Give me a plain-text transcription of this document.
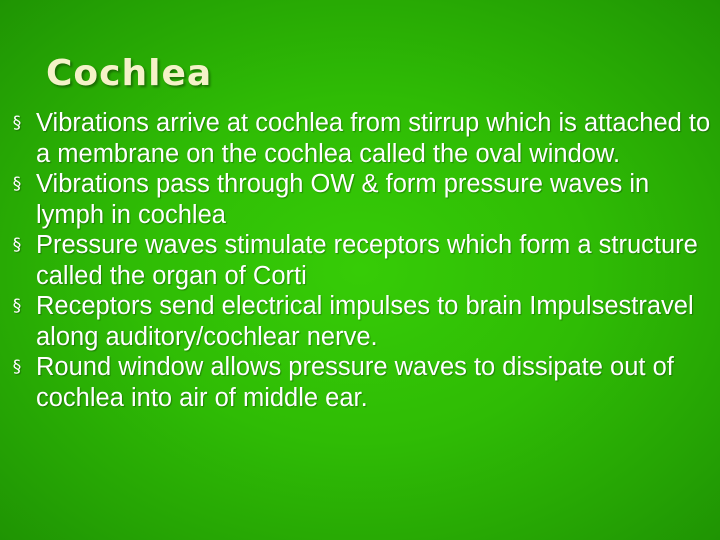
Cochlea
§ Vibrations arrive at cochlea from stirrup which is attached to a membrane on the cochlea called the oval window.
§ Vibrations pass through OW & form pressure waves in lymph in cochlea
§ Pressure waves stimulate receptors which form a structure called the organ of Corti
§ Receptors send electrical impulses to brain Impulsestravel along auditory/cochlear nerve.
§ Round window allows pressure waves to dissipate out of cochlea into air of middle ear.
